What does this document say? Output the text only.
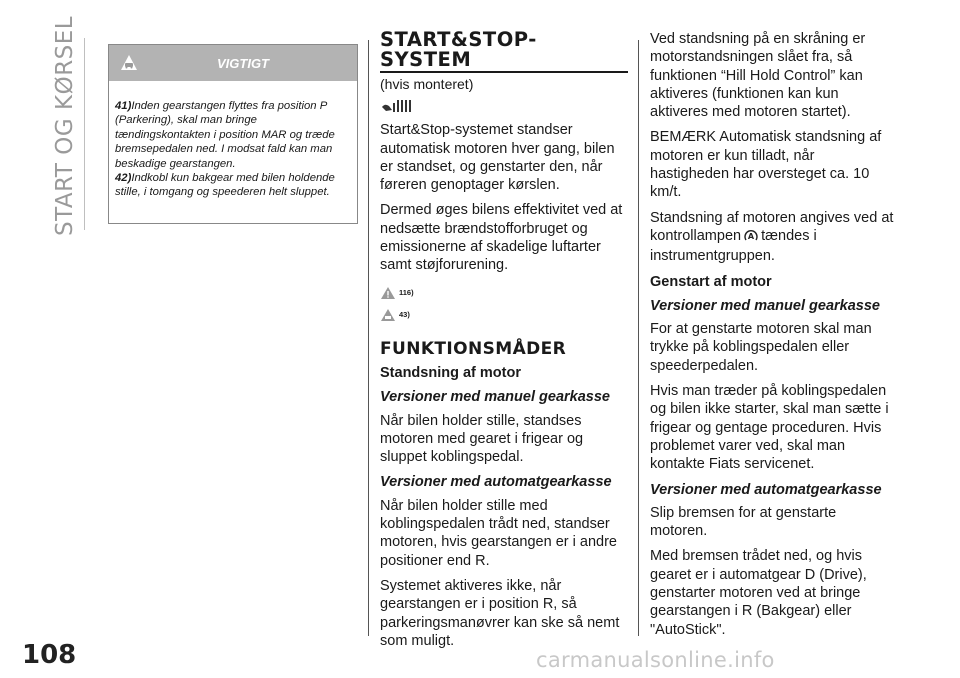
START OG KØRSEL
108
VIGTIGT

41)Inden gearstangen flyttes fra position P (Parkering), skal man bringe tændingskontakten i position MAR og træde bremsepedalen ned. I modsat fald kan man beskadige gearstangen.

42)Indkobl kun bakgear med bilen holdende stille, i tomgang og speederen helt sluppet.

START&STOP-
SYSTEM
(hvis monteret)

Start&Stop-systemet standser automatisk motoren hver gang, bilen er standset, og genstarter den, når føreren genoptager kørslen.

Dermed øges bilens effektivitet ved at nedsætte brændstofforbruget og emissionerne af skadelige luftarter samt støjforurening.

116)
43)
FUNKTIONSMÅDER
Standsning af motor
Versioner med manuel gearkasse

Når bilen holder stille, standses motoren med gearet i frigear og sluppet koblingspedal.

Versioner med automatgearkasse

Når bilen holder stille med koblingspedalen trådt ned, standser motoren, hvis gearstangen er i andre positioner end R.

Systemet aktiveres ikke, når gearstangen er i position R, så parkeringsmanøvrer kan ske så nemt som muligt.

Ved standsning på en skråning er motorstandsningen slået fra, så funktionen “Hill Hold Control” kan aktiveres (funktionen kan kun aktiveres med motoren startet).

BEMÆRK Automatisk standsning af motoren er kun tilladt, når hastigheden har oversteget ca. 10 km/t.

Standsning af motoren angives ved at kontrollampen A tændes i instrumentgruppen.

Genstart af motor
Versioner med manuel gearkasse

For at genstarte motoren skal man trykke på koblingspedalen eller speederpedalen.

Hvis man træder på koblingspedalen og bilen ikke starter, skal man sætte i frigear og gentage proceduren. Hvis problemet varer ved, skal man kontakte Fiats servicenet.

Versioner med automatgearkasse

Slip bremsen for at genstarte motoren.

Med bremsen trådet ned, og hvis gearet er i automatgear D (Drive), genstarter motoren ved at bringe gearstangen i R (Bakgear) eller "AutoStick".

carmanualsonline.info
